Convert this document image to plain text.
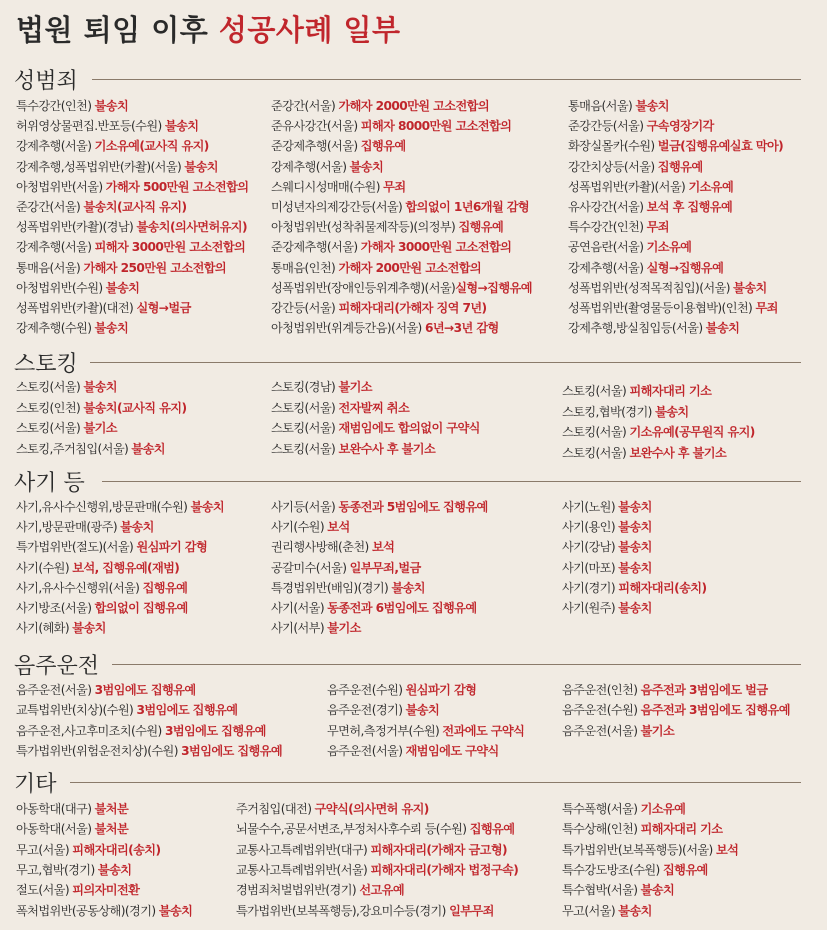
법원 퇴임 이후 성공사례 일부
성범죄
특수강간(인천) 불송치
허위영상물편집.반포등(수원) 불송치
강제추행(서울) 기소유예(교사직 유지)
강제추행,성폭법위반(카촬)(서울) 불송치
아청법위반(서울) 가해자 500만원 고소전합의
준강간(서울) 불송치(교사직 유지)
성폭법위반(카촬)(경남) 불송치(의사면허유지)
강제추행(서울) 피해자 3000만원 고소전합의
통매음(서울) 가해자 250만원 고소전합의
아청법위반(수원) 불송치
성폭법위반(카촬)(대전) 실형→벌금
강제추행(수원) 불송치
준강간(서울) 가해자 2000만원 고소전합의
준유사강간(서울) 피해자 8000만원 고소전합의
준강제추행(서울) 집행유예
강제추행(서울) 불송치
스웨디시성매매(수원) 무죄
미성년자의제강간등(서울) 합의없이 1년6개월 감형
아청법위반(성착취물제작등)(의정부) 집행유예
준강제추행(서울) 가해자 3000만원 고소전합의
통매음(인천) 가해자 200만원 고소전합의
성폭법위반(장애인등위계추행)(서울)실형→집행유예
강간등(서울) 피해자대리(가해자 징역 7년)
아청법위반(위계등간음)(서울) 6년→3년 감형
통매음(서울) 불송치
준강간등(서울) 구속영장기각
화장실몰카(수원) 벌금(집행유예실효 막아)
강간치상등(서울) 집행유예
성폭법위반(카촬)(서울) 기소유예
유사강간(서울) 보석 후 집행유예
특수강간(인천) 무죄
공연음란(서울) 기소유예
강제추행(서울) 실형→집행유예
성폭법위반(성적목적침입)(서울) 불송치
성폭법위반(촬영물등이용협박)(인천) 무죄
강제추행,방실침입등(서울) 불송치
스토킹
스토킹(서울) 불송치
스토킹(인천) 불송치(교사직 유지)
스토킹(서울) 불기소
스토킹,주거침입(서울) 불송치
스토킹(경남) 불기소
스토킹(서울) 전자발찌 취소
스토킹(서울) 재범임에도 합의없이 구약식
스토킹(서울) 보완수사 후 불기소
스토킹(서울) 피해자대리 기소
스토킹,협박(경기) 불송치
스토킹(서울) 기소유예(공무원직 유지)
스토킹(서울) 보완수사 후 불기소
사기 등
사기,유사수신행위,방문판매(수원) 불송치
사기,방문판매(광주) 불송치
특가법위반(절도)(서울) 원심파기 감형
사기(수원) 보석, 집행유예(재범)
사기,유사수신행위(서울) 집행유예
사기방조(서울) 합의없이 집행유예
사기(혜화) 불송치
사기등(서울) 동종전과 5범임에도 집행유예
사기(수원) 보석
권리행사방해(춘천) 보석
공갈미수(서울) 일부무죄,벌금
특경법위반(배임)(경기) 불송치
사기(서울) 동종전과 6범임에도 집행유예
사기(서부) 불기소
사기(노원) 불송치
사기(용인) 불송치
사기(강남) 불송치
사기(마포) 불송치
사기(경기) 피해자대리(송치)
사기(원주) 불송치
음주운전
음주운전(서울) 3범임에도 집행유예
교특법위반(치상)(수원) 3범임에도 집행유예
음주운전,사고후미조치(수원) 3범임에도 집행유예
특가법위반(위험운전치상)(수원) 3범임에도 집행유예
음주운전(수원) 원심파기 감형
음주운전(경기) 불송치
무면허,측정거부(수원) 전과에도 구약식
음주운전(서울) 재범임에도 구약식
음주운전(인천) 음주전과 3범임에도 벌금
음주운전(수원) 음주전과 3범임에도 집행유예
음주운전(서울) 불기소
기타
아동학대(대구) 불처분
아동학대(서울) 불처분
무고(서울) 피해자대리(송치)
무고,협박(경기) 불송치
절도(서울) 피의자미전환
폭처법위반(공동상해)(경기) 불송치
주거침입(대전) 구약식(의사면허 유지)
뇌물수수,공문서변조,부정처사후수뢰 등(수원) 집행유예
교통사고특례법위반(대구) 피해자대리(가해자 금고형)
교통사고특례법위반(서울) 피해자대리(가해자 법정구속)
경범죄처벌법위반(경기) 선고유예
특가법위반(보복폭행등),강요미수등(경기) 일부무죄
특수폭행(서울) 기소유예
특수상해(인천) 피해자대리 기소
특가법위반(보복폭행등)(서울) 보석
특수강도방조(수원) 집행유예
특수협박(서울) 불송치
무고(서울) 불송치
